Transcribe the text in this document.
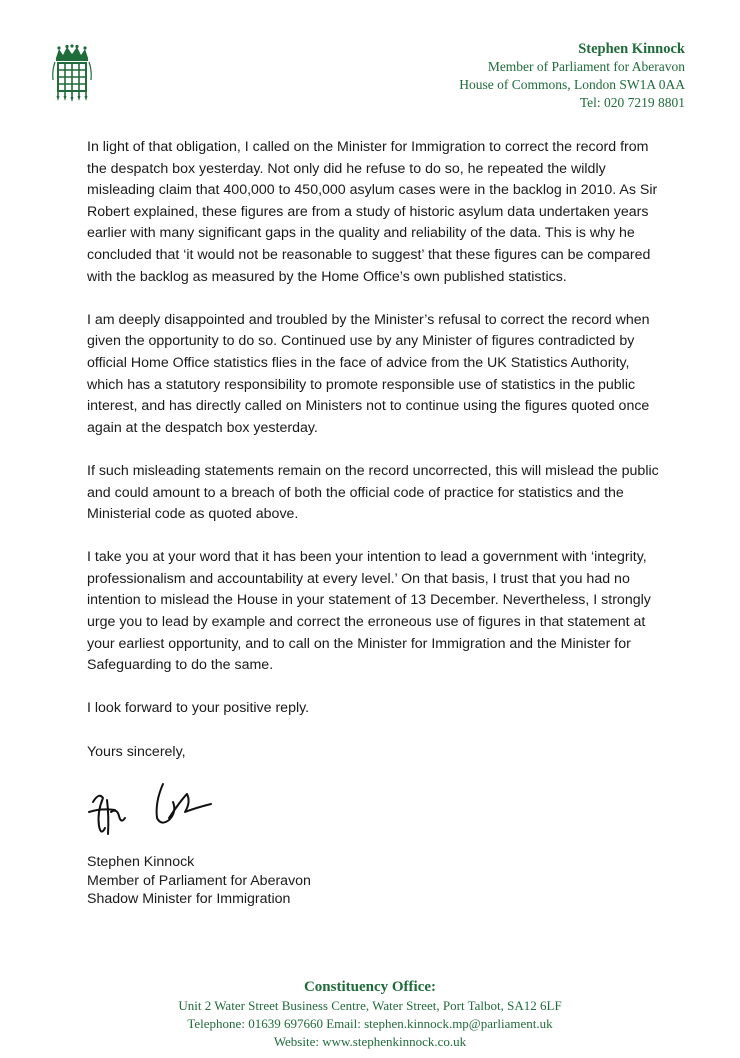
Stephen Kinnock
Member of Parliament for Aberavon
House of Commons, London SW1A 0AA
Tel: 020 7219 8801

In light of that obligation, I called on the Minister for Immigration to correct the record from the despatch box yesterday. Not only did he refuse to do so, he repeated the wildly misleading claim that 400,000 to 450,000 asylum cases were in the backlog in 2010. As Sir Robert explained, these figures are from a study of historic asylum data undertaken years earlier with many significant gaps in the quality and reliability of the data. This is why he concluded that ‘it would not be reasonable to suggest’ that these figures can be compared with the backlog as measured by the Home Office’s own published statistics.

I am deeply disappointed and troubled by the Minister’s refusal to correct the record when given the opportunity to do so. Continued use by any Minister of figures contradicted by official Home Office statistics flies in the face of advice from the UK Statistics Authority, which has a statutory responsibility to promote responsible use of statistics in the public interest, and has directly called on Ministers not to continue using the figures quoted once again at the despatch box yesterday.

If such misleading statements remain on the record uncorrected, this will mislead the public and could amount to a breach of both the official code of practice for statistics and the Ministerial code as quoted above.

I take you at your word that it has been your intention to lead a government with ‘integrity, professionalism and accountability at every level.’ On that basis, I trust that you had no intention to mislead the House in your statement of 13 December. Nevertheless, I strongly urge you to lead by example and correct the erroneous use of figures in that statement at your earliest opportunity, and to call on the Minister for Immigration and the Minister for Safeguarding to do the same.

I look forward to your positive reply.

Yours sincerely,

Stephen Kinnock
Member of Parliament for Aberavon
Shadow Minister for Immigration
Constituency Office:
Unit 2 Water Street Business Centre, Water Street, Port Talbot, SA12 6LF
Telephone: 01639 697660 Email: stephen.kinnock.mp@parliament.uk
Website: www.stephenkinnock.co.uk
